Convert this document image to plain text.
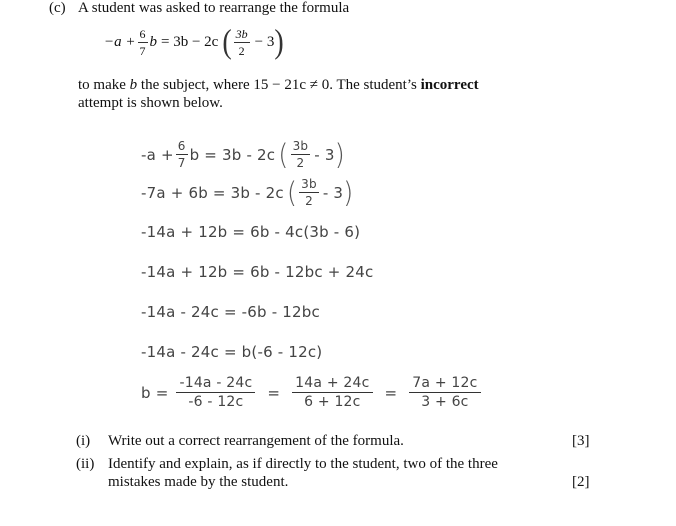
(c) A student was asked to rearrange the formula
$-a + \frac{6}{7}$ b = 3b − 2c ( $\frac{3b}{2} - 3$ )
to make b the subject, where 15 − 21c ≠ 0. The student’s incorrect
attempt is shown below.
$-a + \frac{6}{7}$ b = 3b - 2c ( $\frac{3b}{2} - 3$ )
-7a + 6b = 3b - 2c ( $\frac{3b}{2} - 3$ )
-14a + 12b = 6b - 4c(3b - 6)
-14a + 12b = 6b - 12bc + 24c
-14a - 24c = -6b - 12bc
-14a - 24c = b(-6 - 12c)
$b = \frac{-14a - 24c}{-6 - 12c} = \frac{14a + 24c}{6 + 12c} = \frac{7a + 12c}{3 + 6c}$
(i) Write out a correct rearrangement of the formula.	[3]
(ii) Identify and explain, as if directly to the student, two of the three
mistakes made by the student.	[2]
